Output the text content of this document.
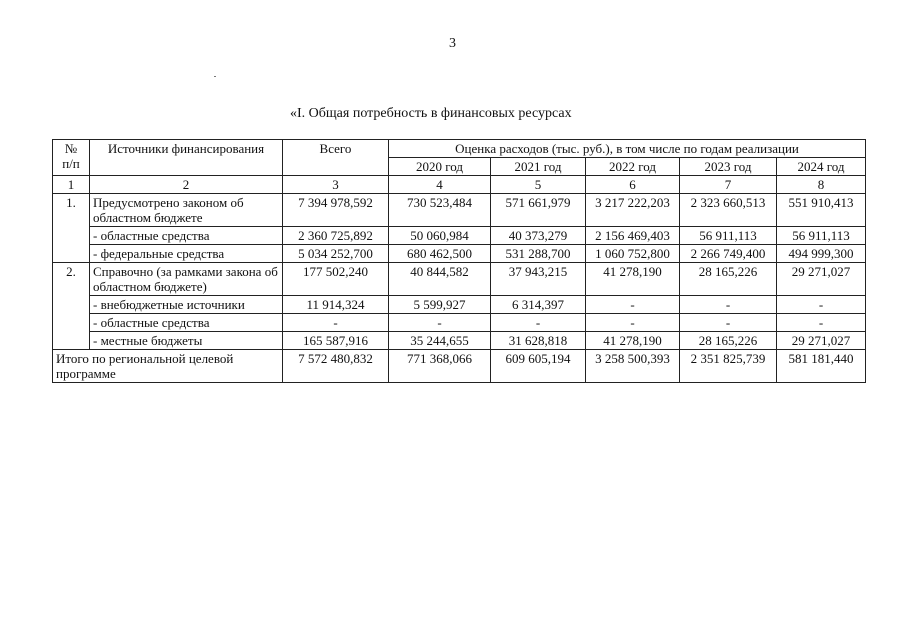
3
«I. Общая потребность в финансовых ресурсах
№
п/п	Источники финансирования	Всего	Оценка расходов (тыс. руб.), в том числе по годам реализации				
			2020 год	2021 год	2022 год	2023 год	2024 год
1	2	3	4	5	6	7	8
1.	Предусмотрено законом об областном бюджете	7 394 978,592	730 523,484	571 661,979	3 217 222,203	2 323 660,513	551 910,413
	- областные средства	2 360 725,892	50 060,984	40 373,279	2 156 469,403	56 911,113	56 911,113
	- федеральные средства	5 034 252,700	680 462,500	531 288,700	1 060 752,800	2 266 749,400	494 999,300
2.	Справочно (за рамками закона об областном бюджете)	177 502,240	40 844,582	37 943,215	41 278,190	28 165,226	29 271,027
	- внебюджетные источники	11 914,324	5 599,927	6 314,397	-	-	-
	- областные средства	-	-	-	-	-	-
	- местные бюджеты	165 587,916	35 244,655	31 628,818	41 278,190	28 165,226	29 271,027
Итого по региональной целевой программе		7 572 480,832	771 368,066	609 605,194	3 258 500,393	2 351 825,739	581 181,440
